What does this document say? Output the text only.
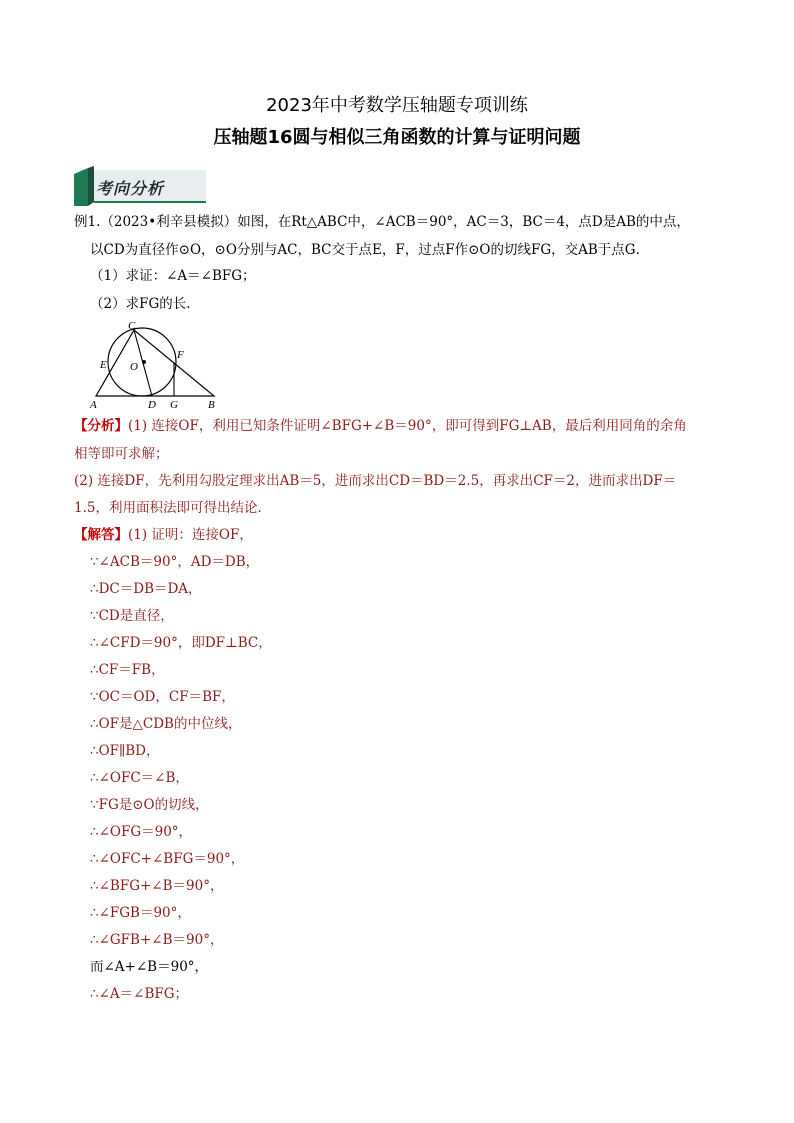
2023年中考数学压轴题专项训练
压轴题16圆与相似三角函数的计算与证明问题
考向分析
例1.（2023•利辛县模拟）如图，在Rt△ABC中，∠ACB＝90°，AC＝3，BC＝4，点D是AB的中点，
以CD为直径作⊙O，⊙O分别与AC，BC交于点E，F，过点F作⊙O的切线FG，交AB于点G．
（1）求证：∠A＝∠BFG；
（2）求FG的长．
C
E O
F
A	D G	B
【分析】(1) 连接OF，利用已知条件证明∠BFG+∠B＝90°，即可得到FG⊥AB，最后利用同角的余角
相等即可求解；
(2) 连接DF，先利用勾股定理求出AB＝5，进而求出CD＝BD＝2.5，再求出CF＝2，进而求出DF＝
1.5，利用面积法即可得出结论．
【解答】(1) 证明：连接OF，
∵∠ACB＝90°，AD＝DB，
∴DC＝DB＝DA，
∵CD是直径，
∴∠CFD＝90°，即DF⊥BC，
∴CF＝FB，
∵OC＝OD，CF＝BF，
∴OF是△CDB的中位线，
∴OF∥BD，
∴∠OFC＝∠B，
∵FG是⊙O的切线，
∴∠OFG＝90°，
∴∠OFC+∠BFG＝90°，
∴∠BFG+∠B＝90°，
∴∠FGB＝90°，
∴∠GFB+∠B＝90°，
而∠A+∠B＝90°，
∴∠A＝∠BFG；
